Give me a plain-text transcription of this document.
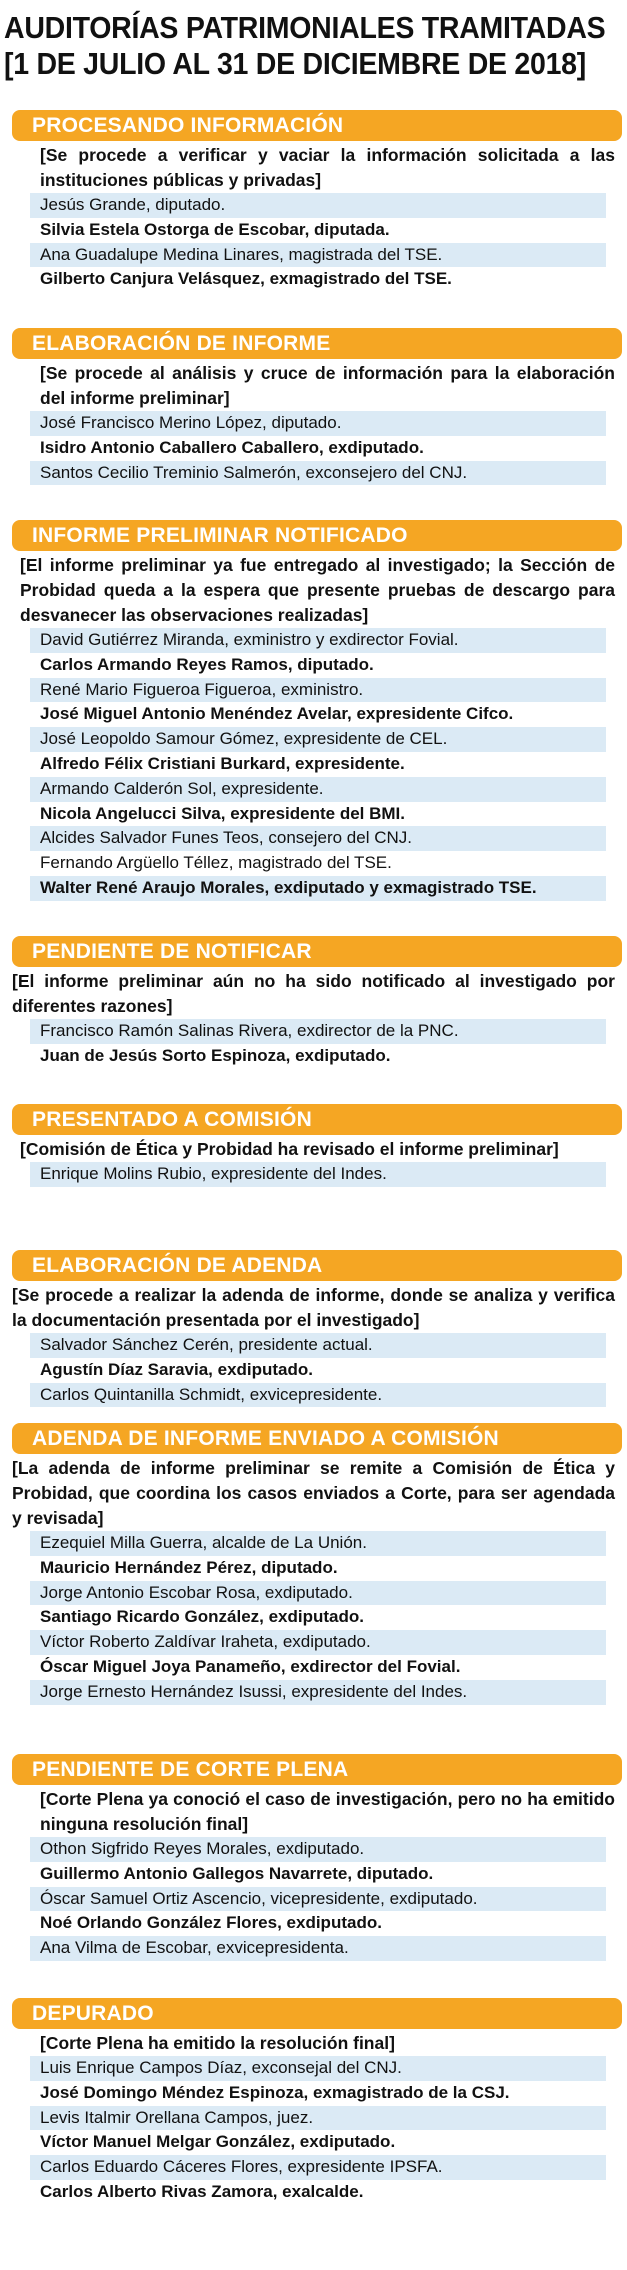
AUDITORÍAS PATRIMONIALES TRAMITADAS
[1 DE JULIO AL 31 DE DICIEMBRE DE 2018]
PROCESANDO INFORMACIÓN
[Se procede a verificar y vaciar la información solicitada a las instituciones públicas y privadas]
Jesús Grande, diputado.
Silvia Estela Ostorga de Escobar, diputada.
Ana Guadalupe Medina Linares, magistrada del TSE.
Gilberto Canjura Velásquez, exmagistrado del TSE.
ELABORACIÓN DE INFORME
[Se procede al análisis y cruce de información para la elaboración del informe preliminar]
José Francisco Merino López, diputado.
Isidro Antonio Caballero Caballero, exdiputado.
Santos Cecilio Treminio Salmerón, exconsejero del CNJ.
INFORME PRELIMINAR NOTIFICADO
[El informe preliminar ya fue entregado al investigado; la Sección de Probidad queda a la espera que presente pruebas de descargo para desvanecer las observaciones realizadas]
David Gutiérrez Miranda, exministro y exdirector Fovial.
Carlos Armando Reyes Ramos, diputado.
René Mario Figueroa Figueroa, exministro.
José Miguel Antonio Menéndez Avelar, expresidente Cifco.
José Leopoldo Samour Gómez, expresidente de CEL.
Alfredo Félix Cristiani Burkard, expresidente.
Armando Calderón Sol, expresidente.
Nicola Angelucci Silva, expresidente del BMI.
Alcides Salvador Funes Teos, consejero del CNJ.
Fernando Argüello Téllez, magistrado del TSE.
Walter René Araujo Morales, exdiputado y exmagistrado TSE.
PENDIENTE DE NOTIFICAR
[El informe preliminar aún no ha sido notificado al investigado por diferentes razones]
Francisco Ramón Salinas Rivera, exdirector de la PNC.
Juan de Jesús Sorto Espinoza, exdiputado.
PRESENTADO A COMISIÓN
[Comisión de Ética y Probidad ha revisado el informe preliminar]
Enrique Molins Rubio, expresidente del Indes.
ELABORACIÓN DE ADENDA
[Se procede a realizar la adenda de informe, donde se analiza y verifica la documentación presentada por el investigado]
Salvador Sánchez Cerén, presidente actual.
Agustín Díaz Saravia, exdiputado.
Carlos Quintanilla Schmidt, exvicepresidente.
ADENDA DE INFORME ENVIADO A COMISIÓN
[La adenda de informe preliminar se remite a Comisión de Ética y Probidad, que coordina los casos enviados a Corte, para ser agendada y revisada]
Ezequiel Milla Guerra, alcalde de La Unión.
Mauricio Hernández Pérez, diputado.
Jorge Antonio Escobar Rosa, exdiputado.
Santiago Ricardo González, exdiputado.
Víctor Roberto Zaldívar Iraheta, exdiputado.
Óscar Miguel Joya Panameño, exdirector del Fovial.
Jorge Ernesto Hernández Isussi, expresidente del Indes.
PENDIENTE DE CORTE PLENA
[Corte Plena ya conoció el caso de investigación, pero no ha emitido ninguna resolución final]
Othon Sigfrido Reyes Morales, exdiputado.
Guillermo Antonio Gallegos Navarrete, diputado.
Óscar Samuel Ortiz Ascencio, vicepresidente, exdiputado.
Noé Orlando González Flores, exdiputado.
Ana Vilma de Escobar, exvicepresidenta.
DEPURADO
[Corte Plena ha emitido la resolución final]
Luis Enrique Campos Díaz, exconsejal del CNJ.
José Domingo Méndez Espinoza, exmagistrado de la CSJ.
Levis Italmir Orellana Campos, juez.
Víctor Manuel Melgar González, exdiputado.
Carlos Eduardo Cáceres Flores, expresidente IPSFA.
Carlos Alberto Rivas Zamora, exalcalde.
